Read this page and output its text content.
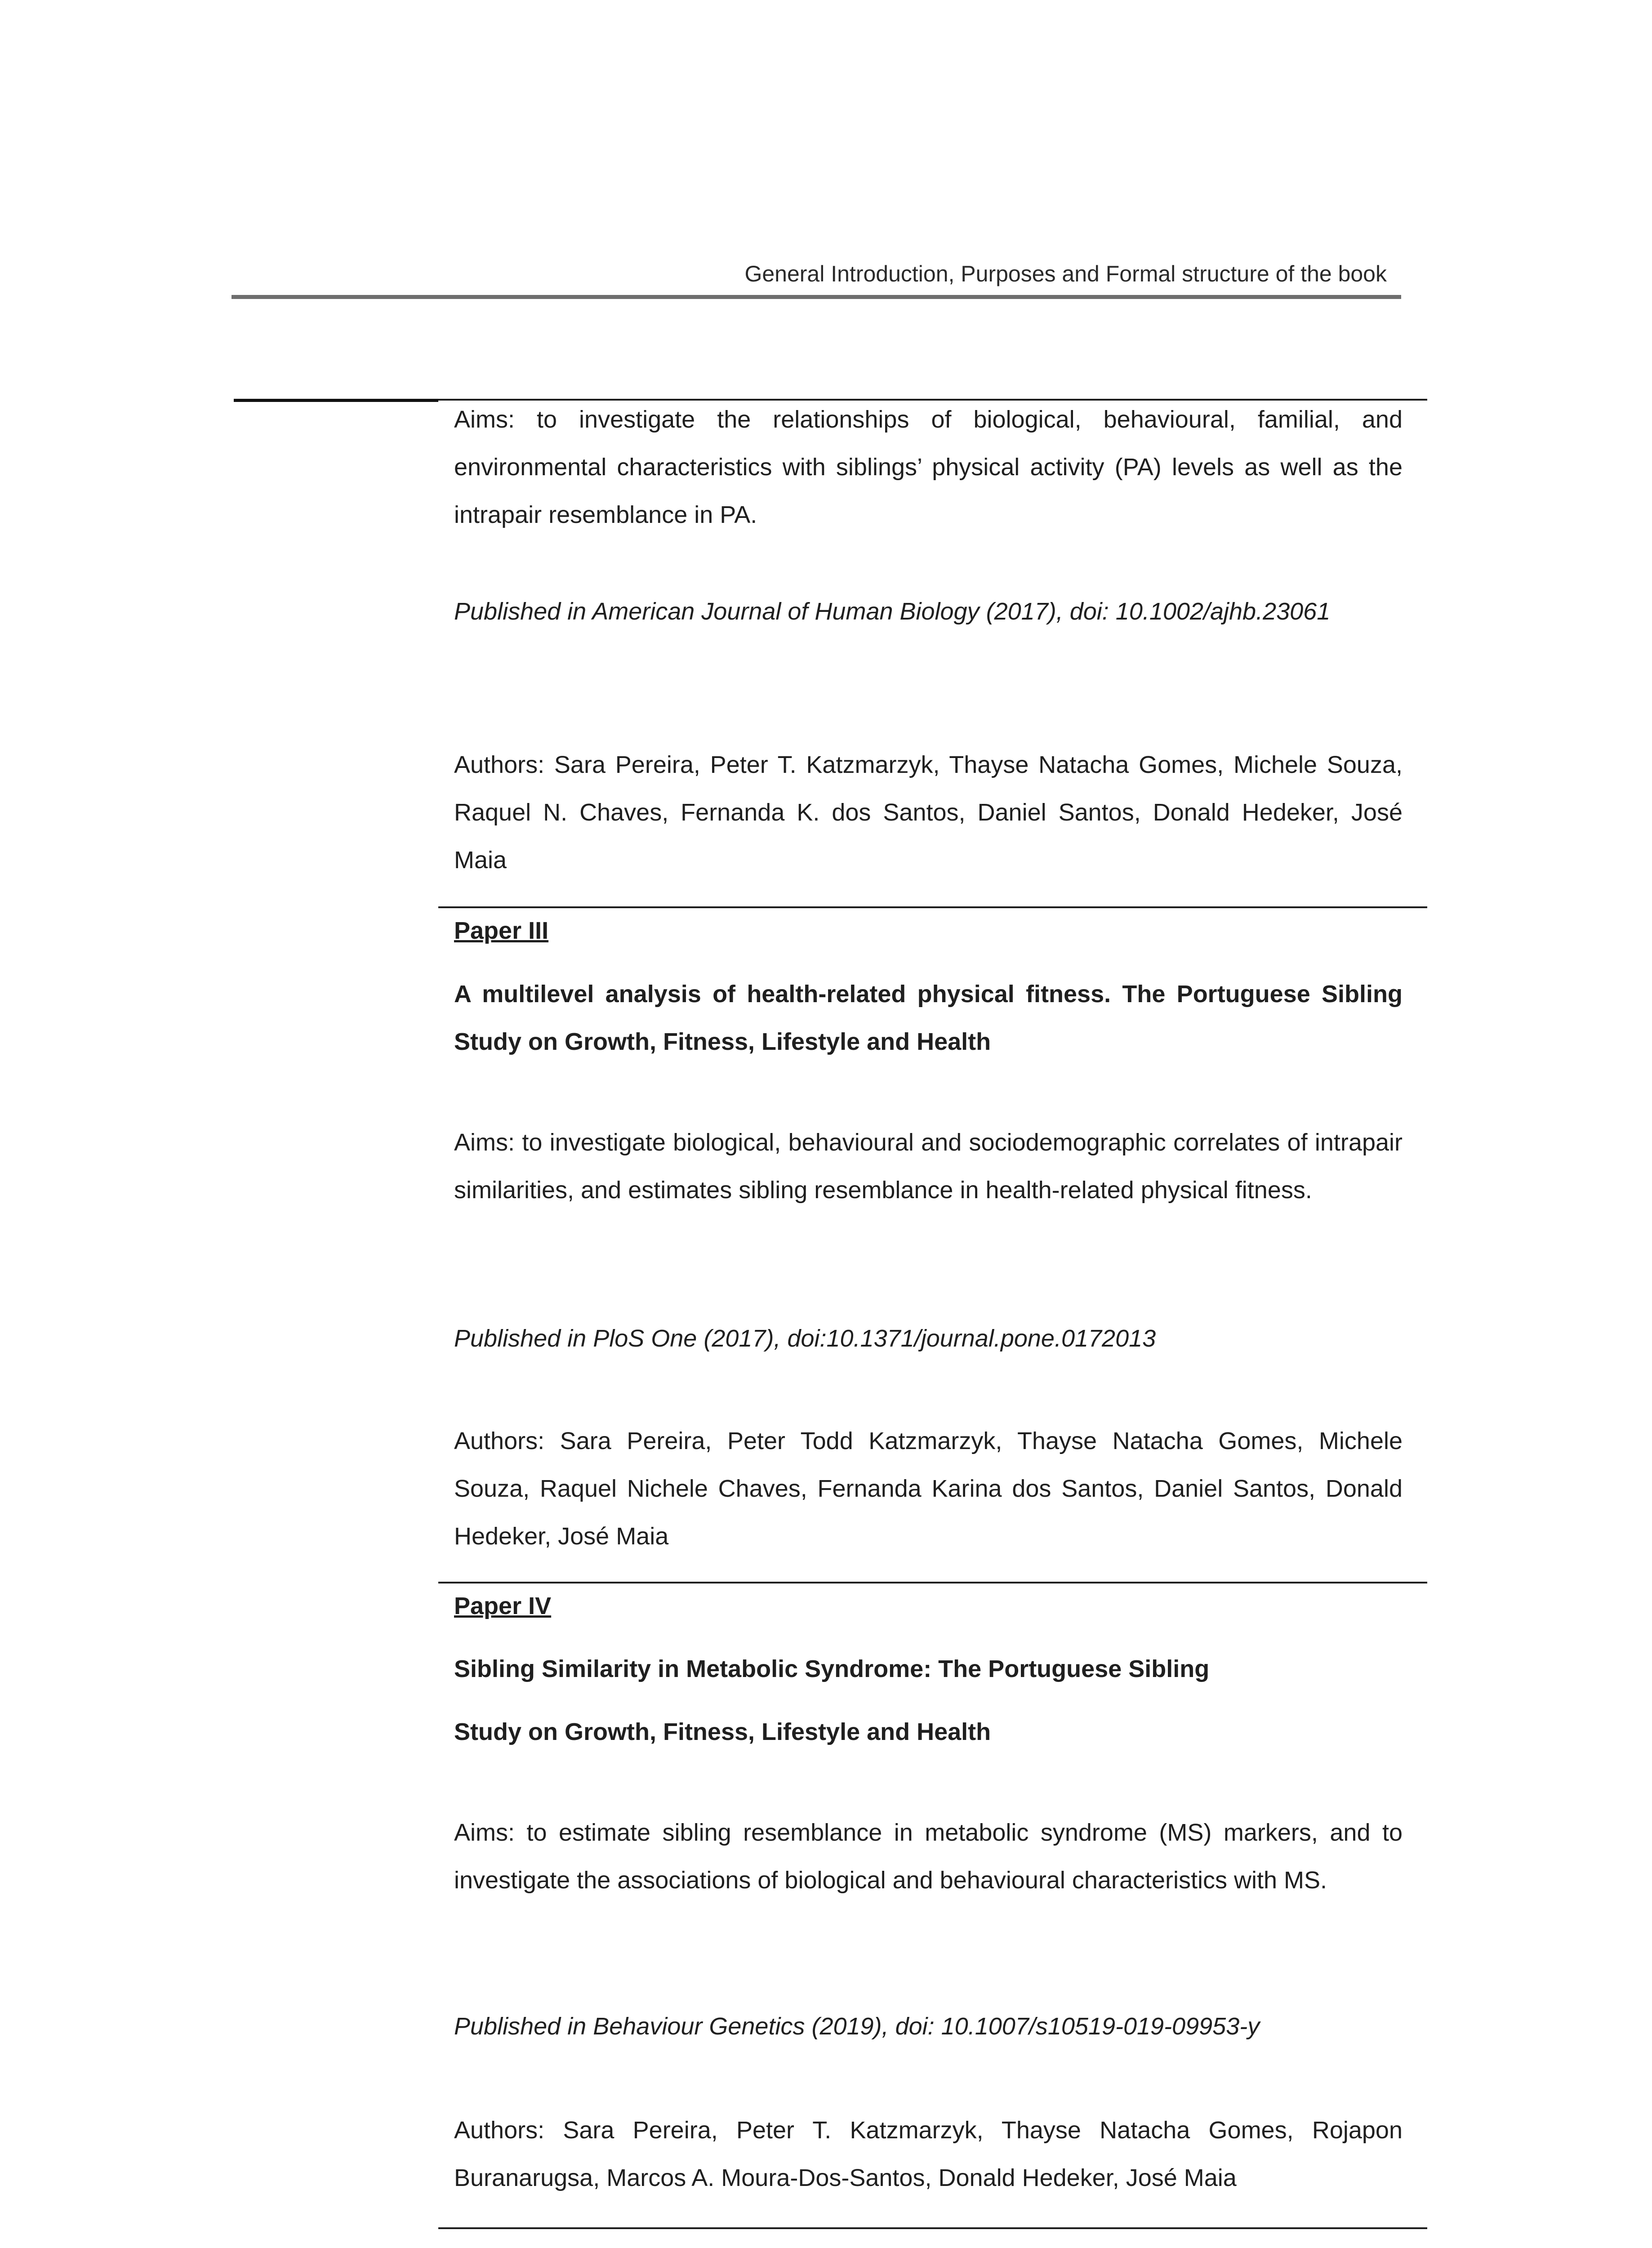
General Introduction, Purposes and Formal structure of the book

Aims: to investigate the relationships of biological, behavioural, familial, and environmental characteristics with siblings’ physical activity (PA) levels as well as the intrapair resemblance in PA.

Published in American Journal of Human Biology (2017), doi: 10.1002/ajhb.23061

Authors: Sara Pereira, Peter T. Katzmarzyk, Thayse Natacha Gomes, Michele Souza, Raquel N. Chaves, Fernanda K. dos Santos, Daniel Santos, Donald Hedeker, José Maia

Paper III

A multilevel analysis of health-related physical fitness. The Portuguese Sibling Study on Growth, Fitness, Lifestyle and Health

Aims: to investigate biological, behavioural and sociodemographic correlates of intrapair similarities, and estimates sibling resemblance in health-related physical fitness.

Published in PloS One (2017), doi:10.1371/journal.pone.0172013

Authors: Sara Pereira, Peter Todd Katzmarzyk, Thayse Natacha Gomes, Michele Souza, Raquel Nichele Chaves, Fernanda Karina dos Santos, Daniel Santos, Donald Hedeker, José Maia

Paper IV

Sibling Similarity in Metabolic Syndrome: The Portuguese Sibling

Study on Growth, Fitness, Lifestyle and Health

Aims: to estimate sibling resemblance in metabolic syndrome (MS) markers, and to investigate the associations of biological and behavioural characteristics with MS.

Published in Behaviour Genetics (2019), doi: 10.1007/s10519-019-09953-y

Authors: Sara Pereira, Peter T. Katzmarzyk, Thayse Natacha Gomes, Rojapon Buranarugsa, Marcos A. Moura-Dos-Santos, Donald Hedeker, José Maia
